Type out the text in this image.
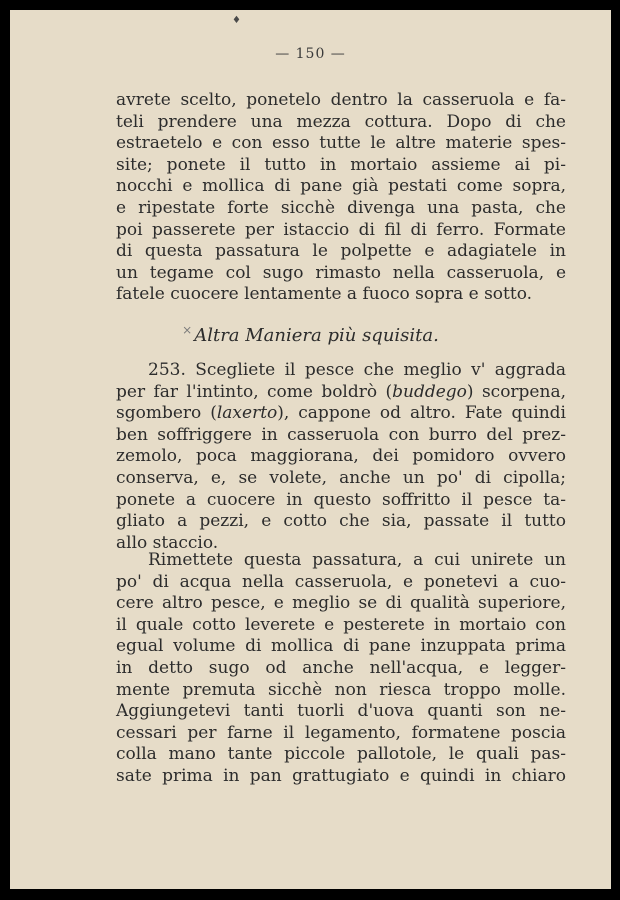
♦
— 150 —
avrete scelto, ponetelo dentro la casseruola e fa-
teli prendere una mezza cottura. Dopo di che
estraetelo e con esso tutte le altre materie spes-
site; ponete il tutto in mortaio assieme ai pi-
nocchi e mollica di pane già pestati come sopra,
e ripestate forte sicchè divenga una pasta, che
poi passerete per istaccio di fil di ferro. Formate
di questa passatura le polpette e adagiatele in
un tegame col sugo rimasto nella casseruola, e
fatele cuocere lentamente a fuoco sopra e sotto.
× Altra Maniera più squisita.
253. Scegliete il pesce che meglio v' aggrada
per far l'intinto, come boldrò (buddego) scorpena,
sgombero (laxerto), cappone od altro. Fate quindi
ben soffriggere in casseruola con burro del prez-
zemolo, poca maggiorana, dei pomidoro ovvero
conserva, e, se volete, anche un po' di cipolla;
ponete a cuocere in questo soffritto il pesce ta-
gliato a pezzi, e cotto che sia, passate il tutto
allo staccio.
Rimettete questa passatura, a cui unirete un
po' di acqua nella casseruola, e ponetevi a cuo-
cere altro pesce, e meglio se di qualità superiore,
il quale cotto leverete e pesterete in mortaio con
egual volume di mollica di pane inzuppata prima
in detto sugo od anche nell'acqua, e legger-
mente premuta sicchè non riesca troppo molle.
Aggiungetevi tanti tuorli d'uova quanti son ne-
cessari per farne il legamento, formatene poscia
colla mano tante piccole pallotole, le quali pas-
sate prima in pan grattugiato e quindi in chiaro
